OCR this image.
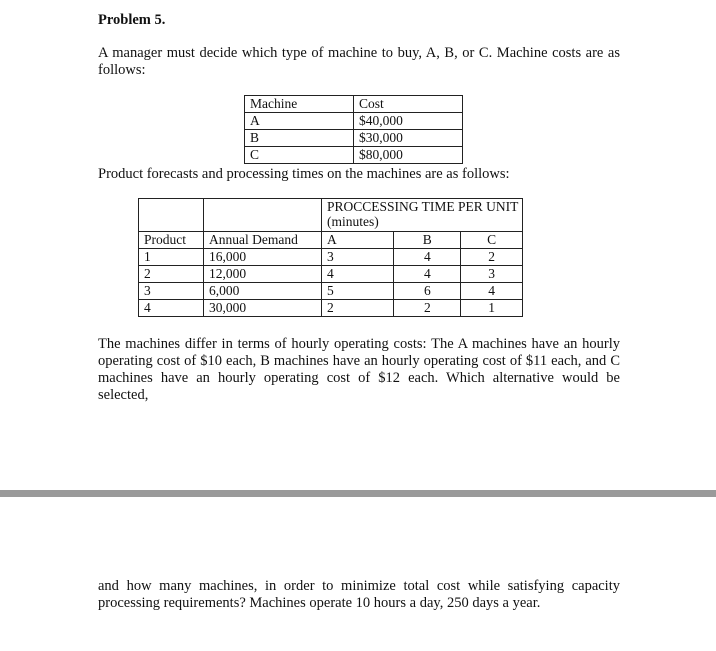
Problem 5.
A manager must decide which type of machine to buy, A, B, or C. Machine costs are as follows:
Machine	Cost
A	$40,000
B	$30,000
C	$80,000
Product forecasts and processing times on the machines are as follows:
		PROCCESSING TIME PER UNIT (minutes)		
Product	Annual Demand	A	B	C
1	16,000	3	4	2
2	12,000	4	4	3
3	6,000	5	6	4
4	30,000	2	2	1
The machines differ in terms of hourly operating costs: The A machines have an hourly operating cost of $10 each, B machines have an hourly operating cost of $11 each, and C machines have an hourly operating cost of $12 each. Which alternative would be selected,
and how many machines, in order to minimize total cost while satisfying capacity processing requirements? Machines operate 10 hours a day, 250 days a year.
